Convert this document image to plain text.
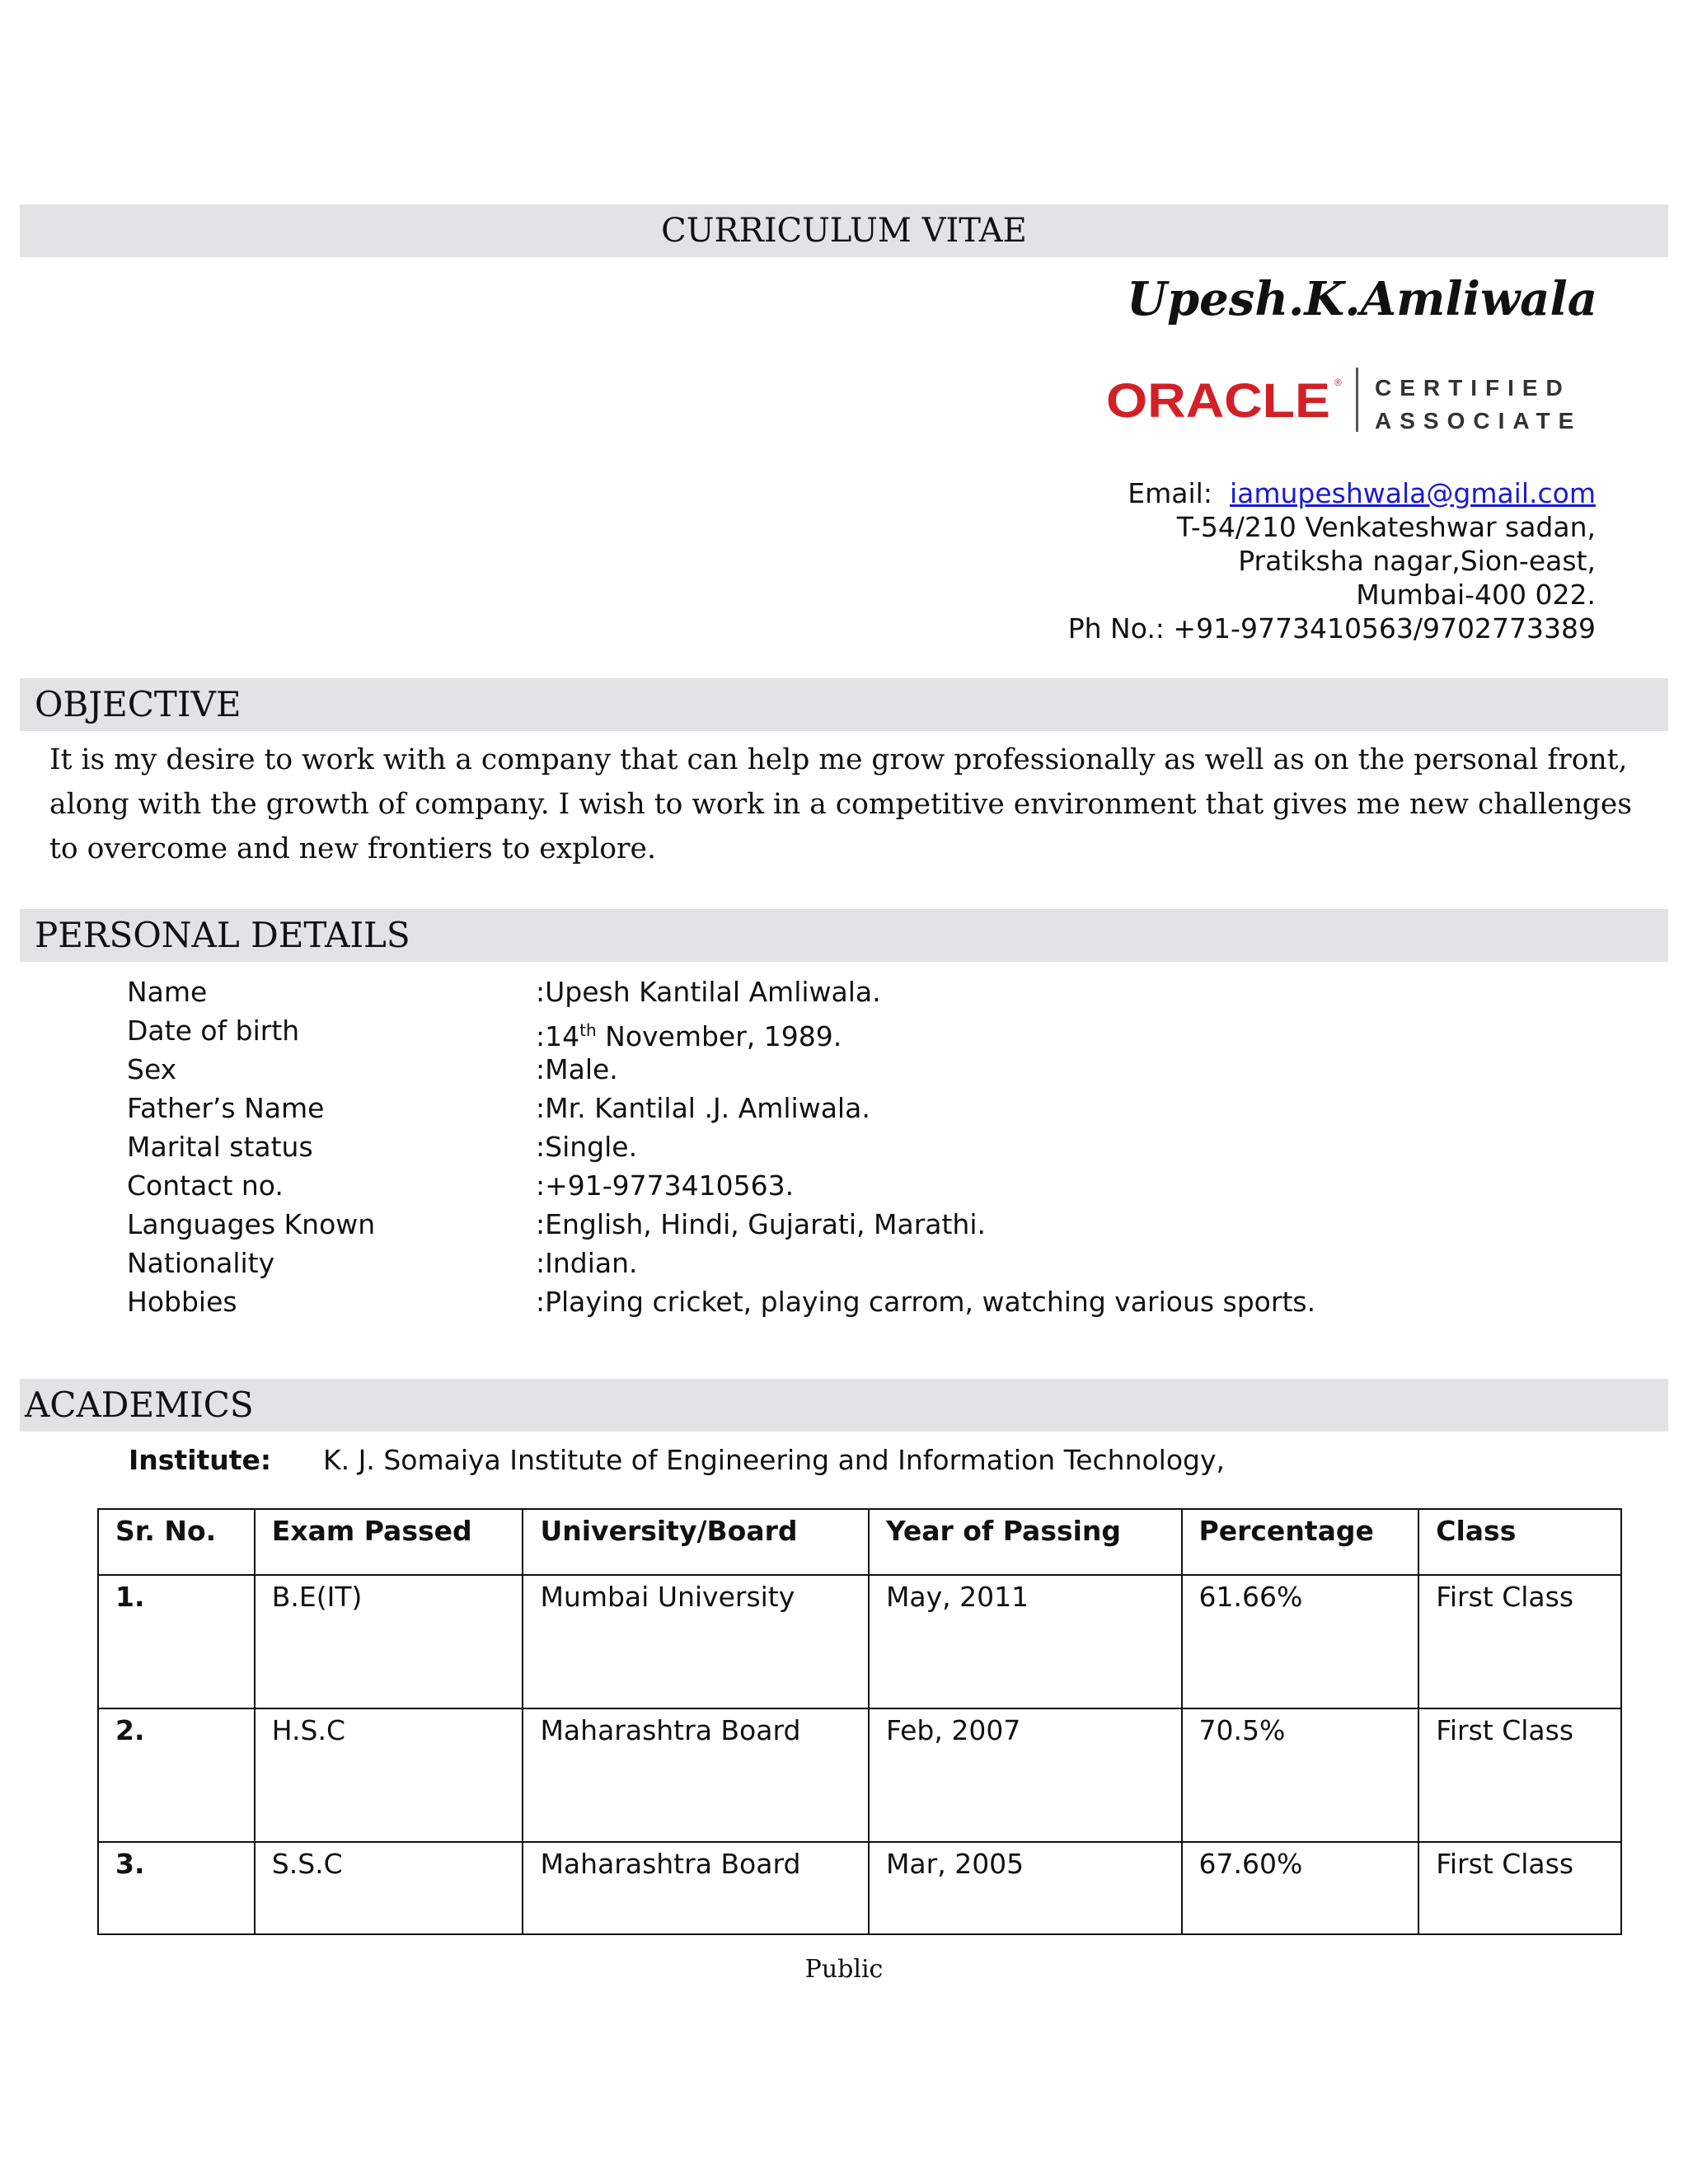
CURRICULUM VITAE
Upesh.K.Amliwala
ORACLE ® CERTIFIED
ASSOCIATE
Email: iamupeshwala@gmail.com
T-54/210 Venkateshwar sadan,
Pratiksha nagar,Sion-east,
Mumbai-400 022.
Ph No.: +91-9773410563/9702773389
OBJECTIVE
It is my desire to work with a company that can help me grow professionally as well as on the personal front, along with the growth of company. I wish to work in a competitive environment that gives me new challenges to overcome and new frontiers to explore.
PERSONAL DETAILS
Name	:Upesh Kantilal Amliwala.
Date of birth	:14th November, 1989.
Sex	:Male.
Father’s Name	:Mr. Kantilal .J. Amliwala.
Marital status	:Single.
Contact no.	:+91-9773410563.
Languages Known	:English, Hindi, Gujarati, Marathi.
Nationality	:Indian.
Hobbies	:Playing cricket, playing carrom, watching various sports.
ACADEMICS
Institute: K. J. Somaiya Institute of Engineering and Information Technology,
Sr. No.	Exam Passed	University/Board	Year of Passing	Percentage	Class
1.	B.E(IT)	Mumbai University	May, 2011	61.66%	First Class
2.	H.S.C	Maharashtra Board	Feb, 2007	70.5%	First Class
3.	S.S.C	Maharashtra Board	Mar, 2005	67.60%	First Class
Public
